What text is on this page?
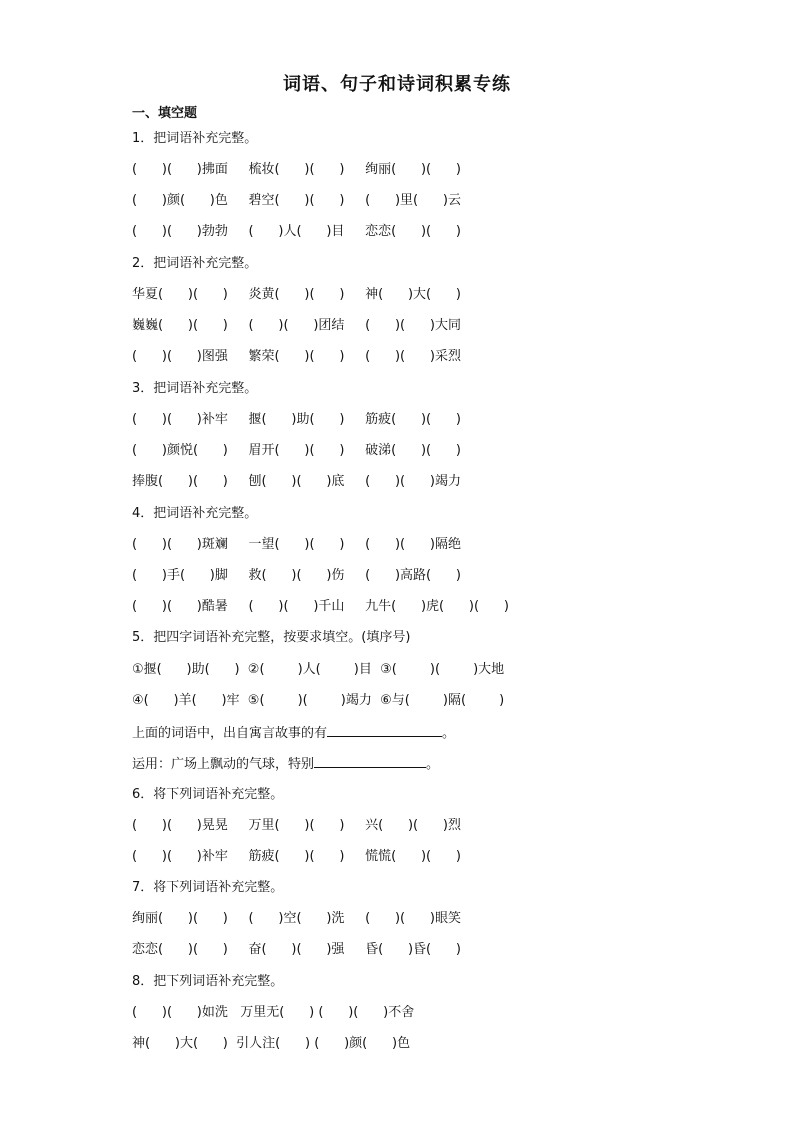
词语、句子和诗词积累专练
一、填空题
1．把词语补充完整。
(      )(      )拂面     梳妆(      )(      )     绚丽(      )(      )
(      )颜(      )色     碧空(      )(      )     (      )里(      )云
(      )(      )勃勃     (      )人(      )目     恋恋(      )(      )
2．把词语补充完整。
华夏(      )(      )     炎黄(      )(      )     神(      )大(      )
巍巍(      )(      )     (      )(      )团结     (      )(      )大同
(      )(      )图强     繁荣(      )(      )     (      )(      )采烈
3．把词语补充完整。
(      )(      )补牢     揠(      )助(      )     筋疲(      )(      )
(      )颜悦(      )     眉开(      )(      )     破涕(      )(      )
捧腹(      )(      )     刨(      )(      )底     (      )(      )竭力
4．把词语补充完整。
(      )(      )斑斓     一望(      )(      )     (      )(      )隔绝
(      )手(      )脚     救(      )(      )伤     (      )高路(      )
(      )(      )酷暑     (      )(      )千山     九牛(      )虎(      )(      )
5．把四字词语补充完整，按要求填空。(填序号)
①揠(      )助(      )  ②(        )人(        )目  ③(        )(        )大地
④(      )羊(      )牢  ⑤(        )(        )竭力  ⑥与(        )隔(        )
上面的词语中，出自寓言故事的有	。
运用：广场上飘动的气球，特别	。
6．将下列词语补充完整。
(      )(      )晃晃     万里(      )(      )     兴(      )(      )烈
(      )(      )补牢     筋疲(      )(      )     慌慌(      )(      )
7．将下列词语补充完整。
绚丽(      )(      )     (      )空(      )洗     (      )(      )眼笑
恋恋(      )(      )     奋(      )(      )强     昏(      )昏(      )
8．把下列词语补充完整。
(      )(      )如洗   万里无(      ) (      )(      )不舍
神(      )大(      )  引人注(      ) (      )颜(      )色
